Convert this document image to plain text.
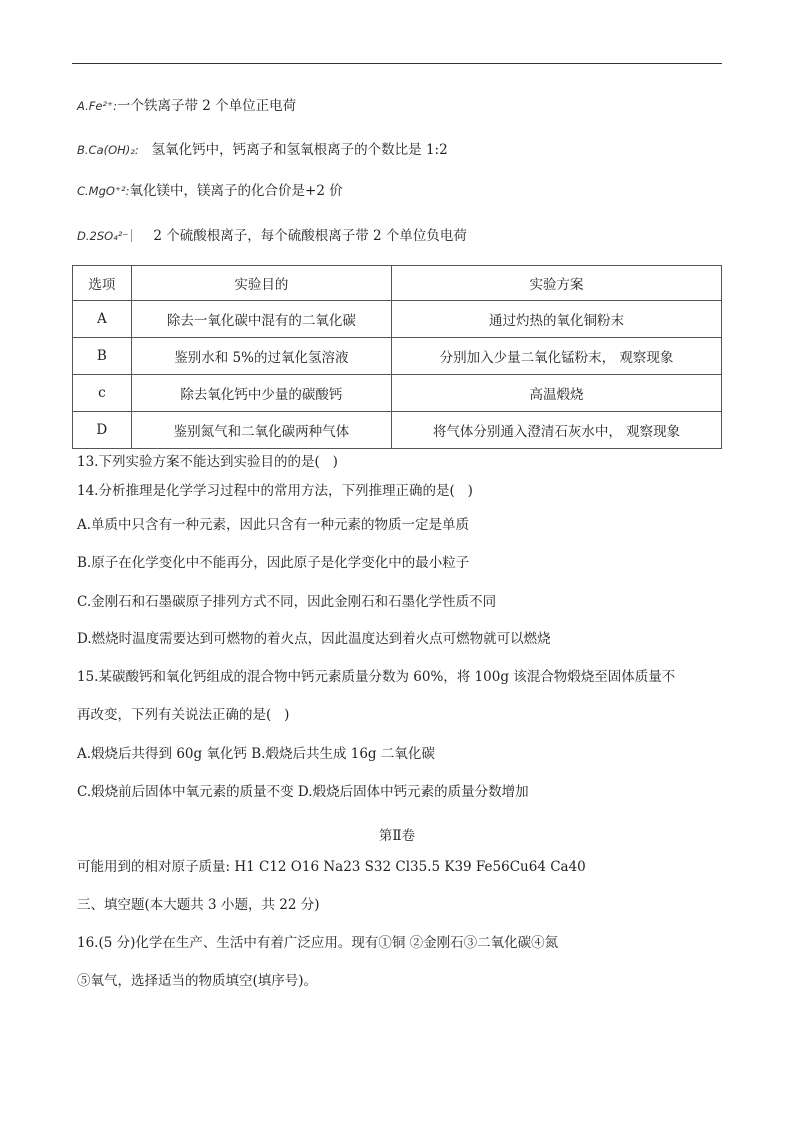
A.Fe²⁺:一个铁离子带 2 个单位正电荷
B.Ca(OH)₂: 氢氧化钙中，钙离子和氢氧根离子的个数比是 1:2
C.MgO⁺²:氧化镁中，镁离子的化合价是+2 价
D.2SO₄²⁻ 2 个硫酸根离子，每个硫酸根离子带 2 个单位负电荷
选项	实验目的	实验方案
A	除去一氧化碳中混有的二氧化碳	通过灼热的氧化铜粉末
B	鉴别水和 5%的过氧化氢溶液	分别加入少量二氧化锰粉末， 观察现象
c	除去氧化钙中少量的碳酸钙	高温煅烧
D	鉴别氮气和二氧化碳两种气体	将气体分别通入澄清石灰水中， 观察现象
13.下列实验方案不能达到实验目的的是(   )
14.分析推理是化学学习过程中的常用方法，下列推理正确的是(   )
A.单质中只含有一种元素，因此只含有一种元素的物质一定是单质
B.原子在化学变化中不能再分，因此原子是化学变化中的最小粒子
C.金刚石和石墨碳原子排列方式不同，因此金刚石和石墨化学性质不同
D.燃烧时温度需要达到可燃物的着火点，因此温度达到着火点可燃物就可以燃烧
15.某碳酸钙和氧化钙组成的混合物中钙元素质量分数为 60%，将 100g 该混合物煅烧至固体质量不
再改变，下列有关说法正确的是(   )
A.煅烧后共得到 60g 氧化钙 B.煅烧后共生成 16g 二氧化碳
C.煅烧前后固体中氧元素的质量不变 D.煅烧后固体中钙元素的质量分数增加
第Ⅱ卷
可能用到的相对原子质量: H1 C12 O16 Na23 S32 Cl35.5 K39 Fe56Cu64 Ca40
三、填空题(本大题共 3 小题，共 22 分)
16.(5 分)化学在生产、生活中有着广泛应用。现有①铜 ②金刚石③二氧化碳④氮
⑤氧气，选择适当的物质填空(填序号)。
